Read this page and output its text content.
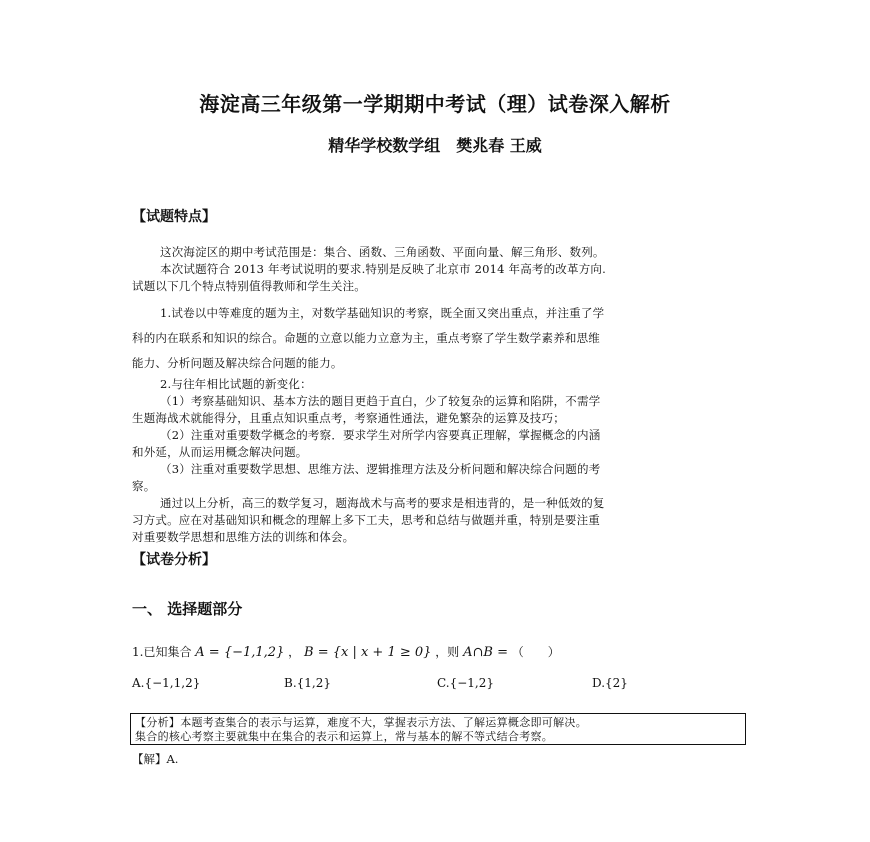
海淀高三年级第一学期期中考试（理）试卷深入解析
精华学校数学组　樊兆春 王威
【试题特点】

这次海淀区的期中考试范围是：集合、函数、三角函数、平面向量、解三角形、数列。

本次试题符合 2013 年考试说明的要求.特别是反映了北京市 2014 年高考的改革方向.

试题以下几个特点特别值得教师和学生关注。

1.试卷以中等难度的题为主，对数学基础知识的考察，既全面又突出重点，并注重了学

科的内在联系和知识的综合。命题的立意以能力立意为主，重点考察了学生数学素养和思维

能力、分析问题及解决综合问题的能力。

2.与往年相比试题的新变化：

（1）考察基础知识、基本方法的题目更趋于直白，少了较复杂的运算和陷阱，不需学

生题海战术就能得分，且重点知识重点考，考察通性通法，避免繁杂的运算及技巧；

（2）注重对重要数学概念的考察．要求学生对所学内容要真正理解，掌握概念的内涵

和外延，从而运用概念解决问题。

（3）注重对重要数学思想、思维方法、逻辑推理方法及分析问题和解决综合问题的考

察。

通过以上分析，高三的数学复习，题海战术与高考的要求是相违背的，是一种低效的复

习方式。应在对基础知识和概念的理解上多下工夫，思考和总结与做题并重，特别是要注重

对重要数学思想和思维方法的训练和体会。

【试卷分析】
一、 选择题部分
1.已知集合 A = {−1,1,2} ， B = {x | x + 1 ≥ 0} ，则 A∩B = （　　）
A.{−1,1,2}	B.{1,2}	C.{−1,2}	D.{2}
【分析】本题考查集合的表示与运算，难度不大，掌握表示方法、了解运算概念即可解决。
集合的核心考察主要就集中在集合的表示和运算上，常与基本的解不等式结合考察。
【解】A.
